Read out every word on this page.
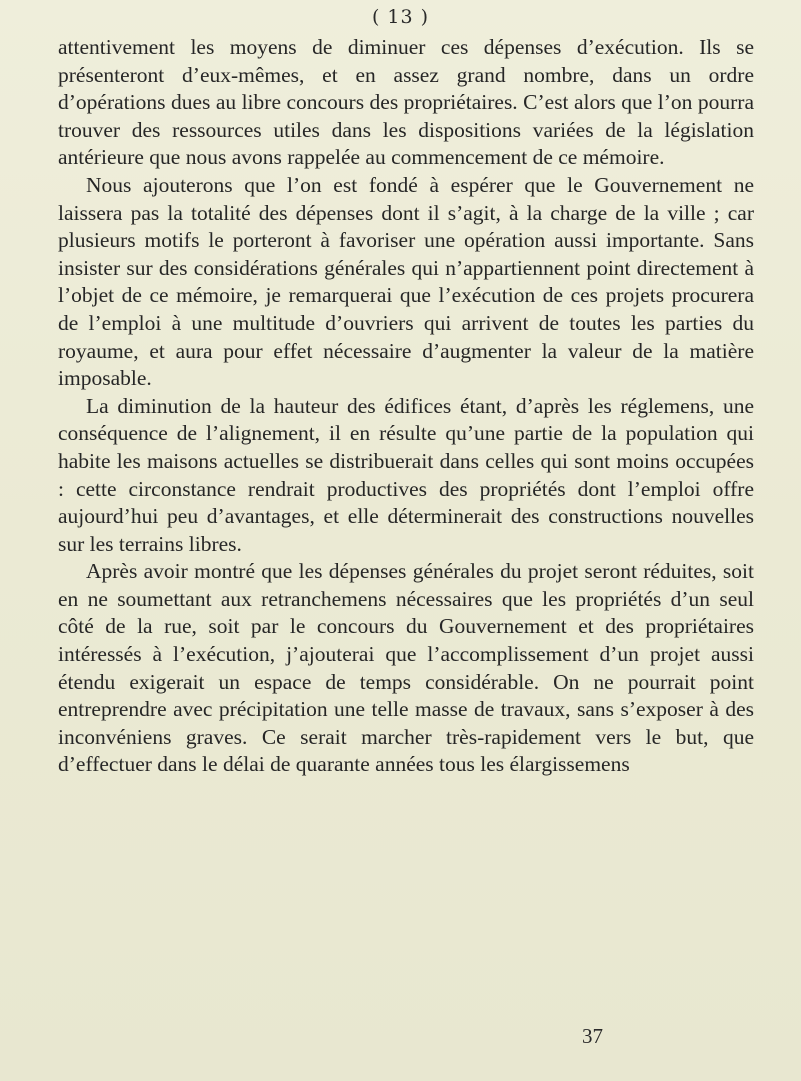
( 13 )

attentivement les moyens de diminuer ces dépenses d’exécution. Ils se présenteront d’eux-mêmes, et en assez grand nombre, dans un ordre d’opérations dues au libre concours des propriétaires. C’est alors que l’on pourra trouver des ressources utiles dans les dispositions variées de la législation antérieure que nous avons rappelée au commencement de ce mémoire.

Nous ajouterons que l’on est fondé à espérer que le Gouvernement ne laissera pas la totalité des dépenses dont il s’agit, à la charge de la ville ; car plusieurs motifs le porteront à favoriser une opération aussi importante. Sans insister sur des considérations générales qui n’appartiennent point directement à l’objet de ce mémoire, je remarquerai que l’exécution de ces projets procurera de l’emploi à une multitude d’ouvriers qui arrivent de toutes les parties du royaume, et aura pour effet nécessaire d’augmenter la valeur de la matière imposable.

La diminution de la hauteur des édifices étant, d’après les réglemens, une conséquence de l’alignement, il en résulte qu’une partie de la population qui habite les maisons actuelles se distribuerait dans celles qui sont moins occupées : cette circonstance rendrait productives des propriétés dont l’emploi offre aujourd’hui peu d’avantages, et elle déterminerait des constructions nouvelles sur les terrains libres.

Après avoir montré que les dépenses générales du projet seront réduites, soit en ne soumettant aux retranchemens nécessaires que les propriétés d’un seul côté de la rue, soit par le concours du Gouvernement et des propriétaires intéressés à l’exécution, j’ajouterai que l’accomplissement d’un projet aussi étendu exigerait un espace de temps considérable. On ne pourrait point entreprendre avec précipitation une telle masse de travaux, sans s’exposer à des inconvéniens graves. Ce serait marcher très-rapidement vers le but, que d’effectuer dans le délai de quarante années tous les élargissemens

37
